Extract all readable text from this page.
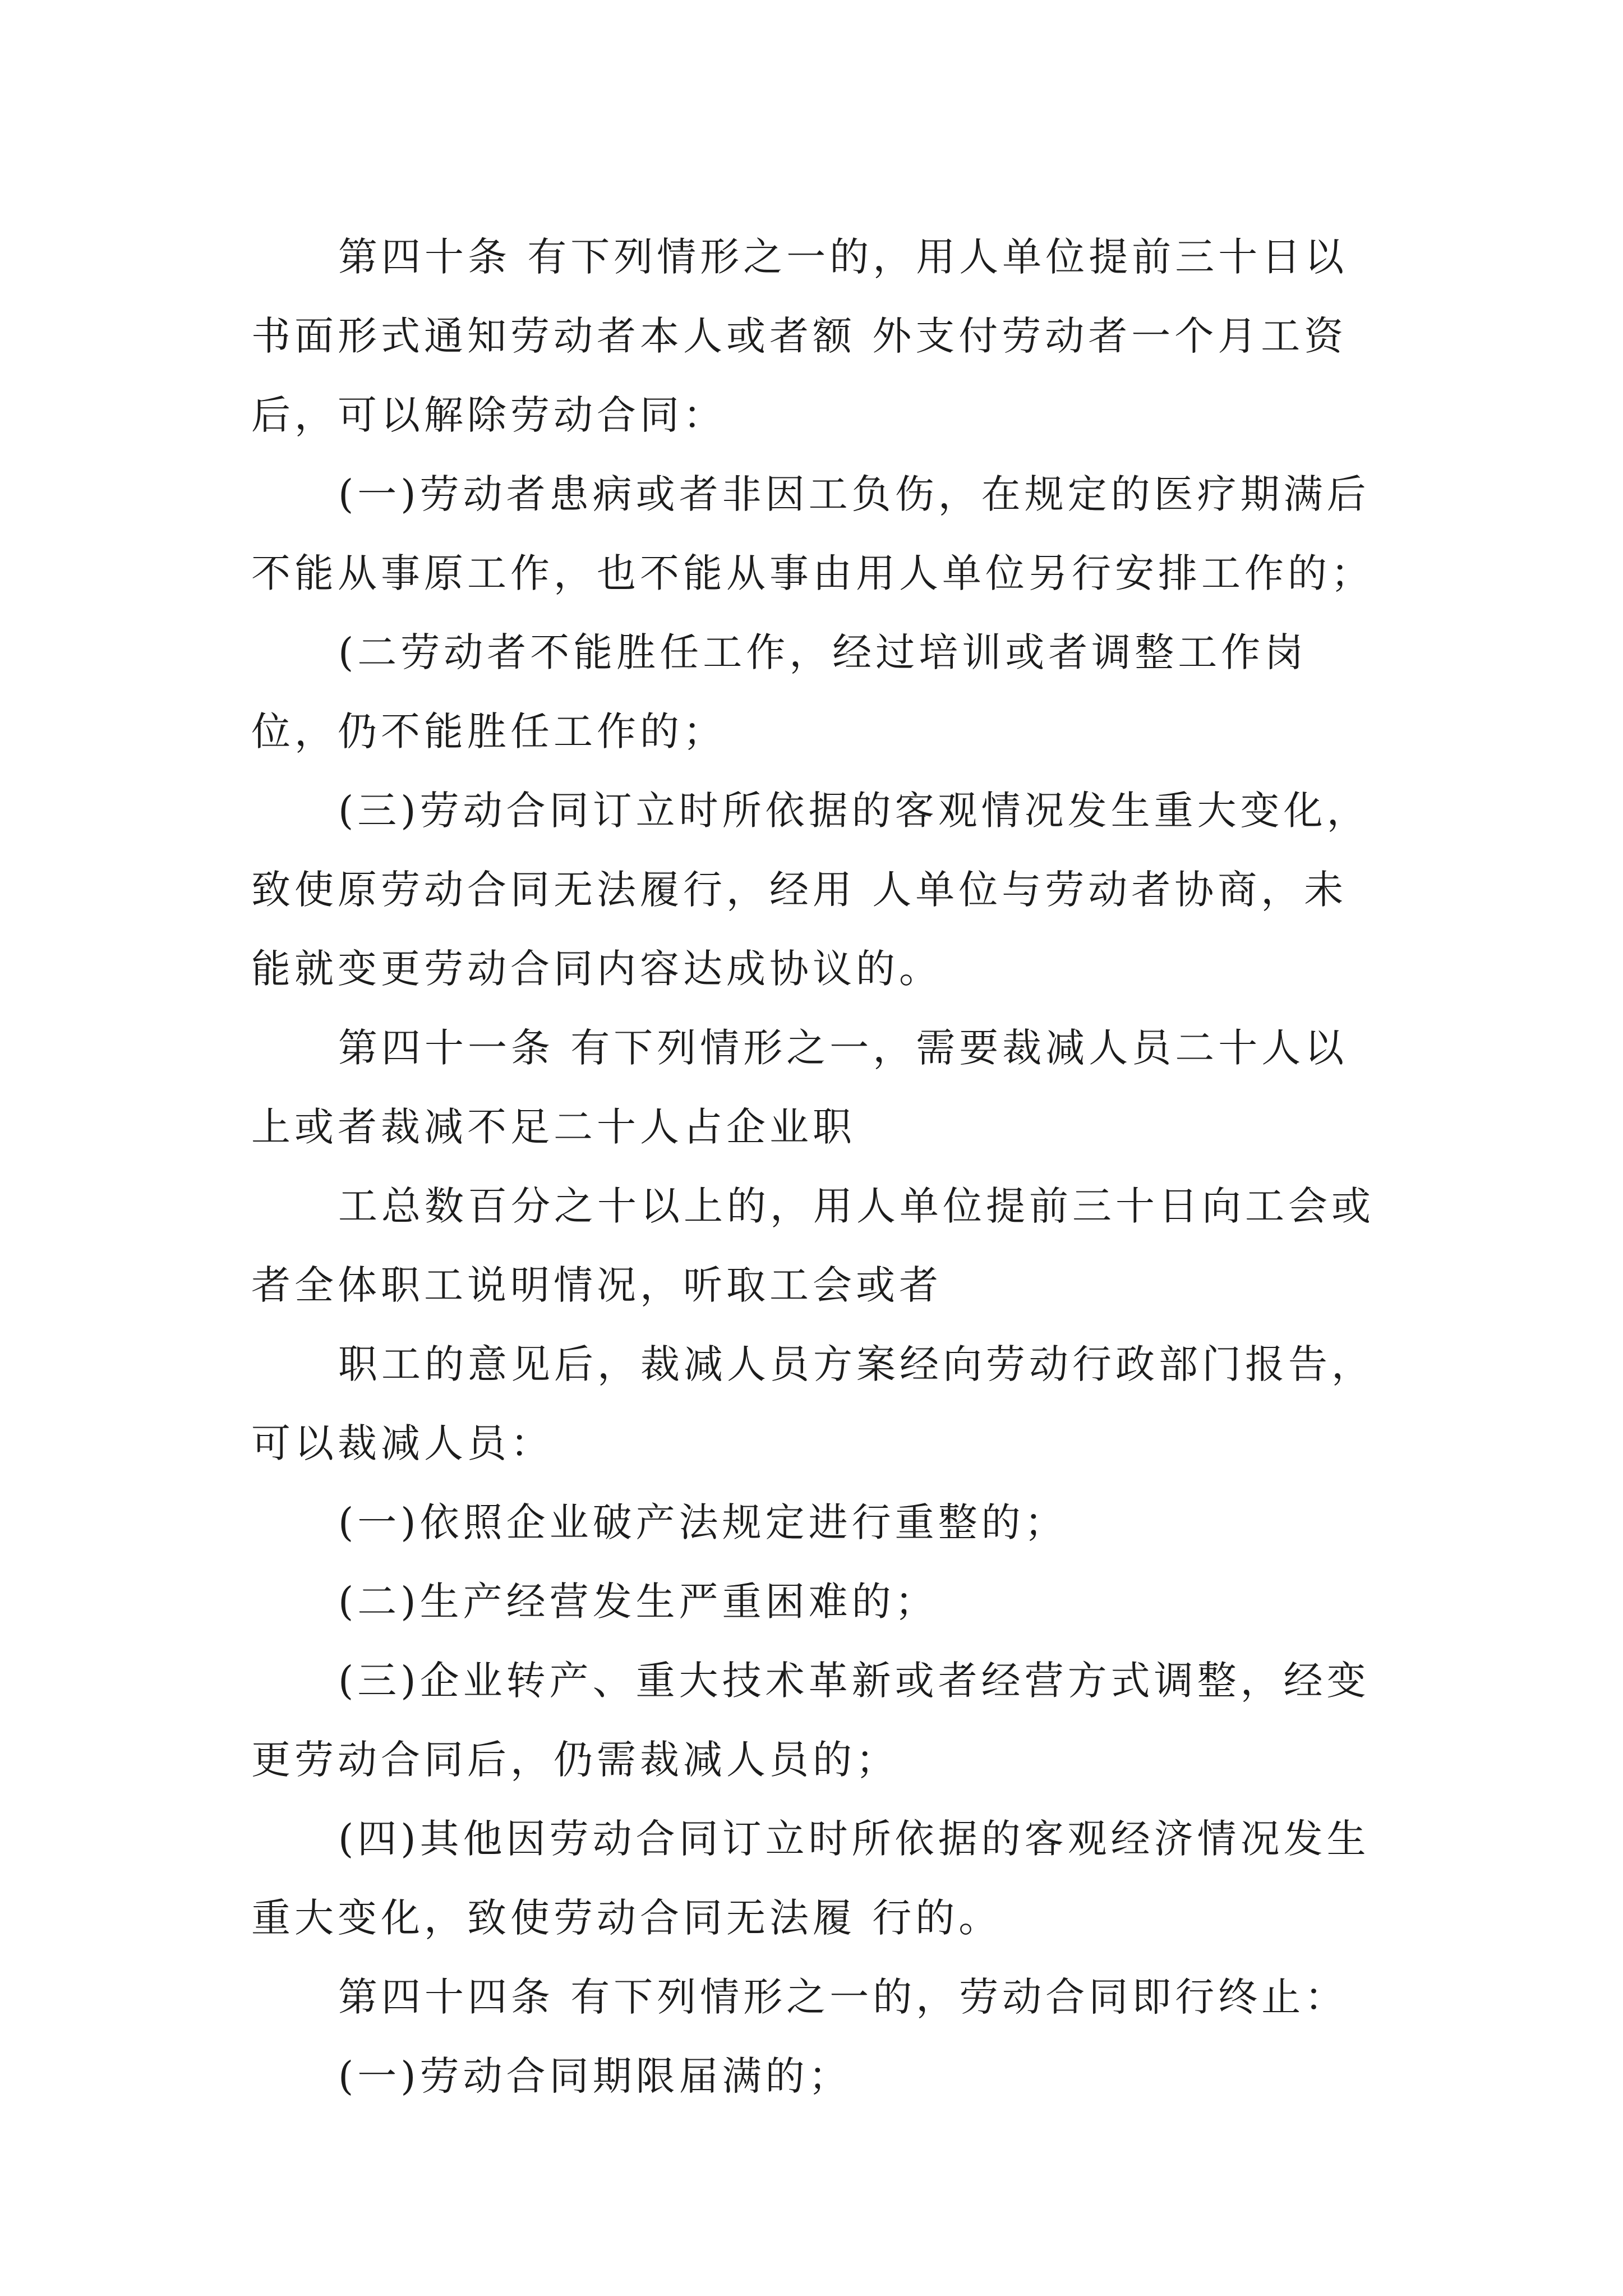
第四十条 有下列情形之一的，用人单位提前三十日以书面形式通知劳动者本人或者额 外支付劳动者一个月工资后，可以解除劳动合同：

(一)劳动者患病或者非因工负伤，在规定的医疗期满后不能从事原工作，也不能从事由用人单位另行安排工作的；

(二劳动者不能胜任工作，经过培训或者调整工作岗位，仍不能胜任工作的；

(三)劳动合同订立时所依据的客观情况发生重大变化，致使原劳动合同无法履行，经用 人单位与劳动者协商，未能就变更劳动合同内容达成协议的。

第四十一条 有下列情形之一，需要裁减人员二十人以上或者裁减不足二十人占企业职

工总数百分之十以上的，用人单位提前三十日向工会或者全体职工说明情况，听取工会或者

职工的意见后，裁减人员方案经向劳动行政部门报告，可以裁减人员：

(一)依照企业破产法规定进行重整的；

(二)生产经营发生严重困难的；

(三)企业转产、重大技术革新或者经营方式调整，经变更劳动合同后，仍需裁减人员的；

(四)其他因劳动合同订立时所依据的客观经济情况发生重大变化，致使劳动合同无法履 行的。

第四十四条 有下列情形之一的，劳动合同即行终止：

(一)劳动合同期限届满的；
